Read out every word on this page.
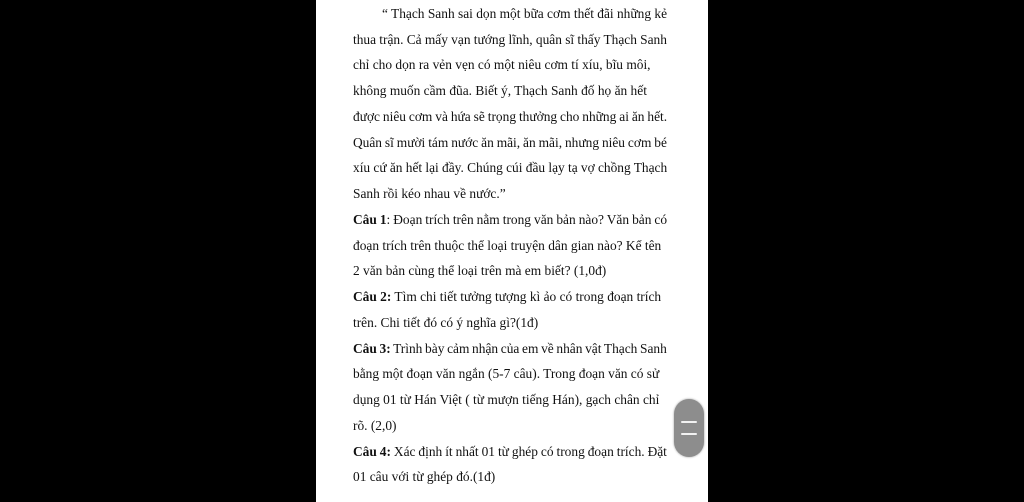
“ Thạch Sanh sai dọn một bữa cơm thết đãi những kẻ
thua trận. Cả mấy vạn tướng lĩnh, quân sĩ thấy Thạch Sanh
chỉ cho dọn ra vẻn vẹn có một niêu cơm tí xíu, bĩu môi,
không muốn cầm đũa. Biết ý, Thạch Sanh đố họ ăn hết
được niêu cơm và hứa sẽ trọng thưởng cho những ai ăn hết.
Quân sĩ mười tám nước ăn mãi, ăn mãi, nhưng niêu cơm bé
xíu cứ ăn hết lại đầy. Chúng cúi đầu lạy tạ vợ chồng Thạch
Sanh rồi kéo nhau về nước.”
Câu 1: Đoạn trích trên nằm trong văn bản nào? Văn bản có
đoạn trích trên thuộc thể loại truyện dân gian nào? Kể tên
2 văn bản cùng thể loại trên mà em biết? (1,0đ)
Câu 2: Tìm chi tiết tưởng tượng kì ảo có trong đoạn trích
trên. Chi tiết đó có ý nghĩa gì?(1đ)
Câu 3: Trình bày cảm nhận của em về nhân vật Thạch Sanh
bằng một đoạn văn ngắn (5-7 câu). Trong đoạn văn có sử
dụng 01 từ Hán Việt ( từ mượn tiếng Hán), gạch chân chỉ
rõ. (2,0)
Câu 4: Xác định ít nhất 01 từ ghép có trong đoạn trích. Đặt
01 câu với từ ghép đó.(1đ)
